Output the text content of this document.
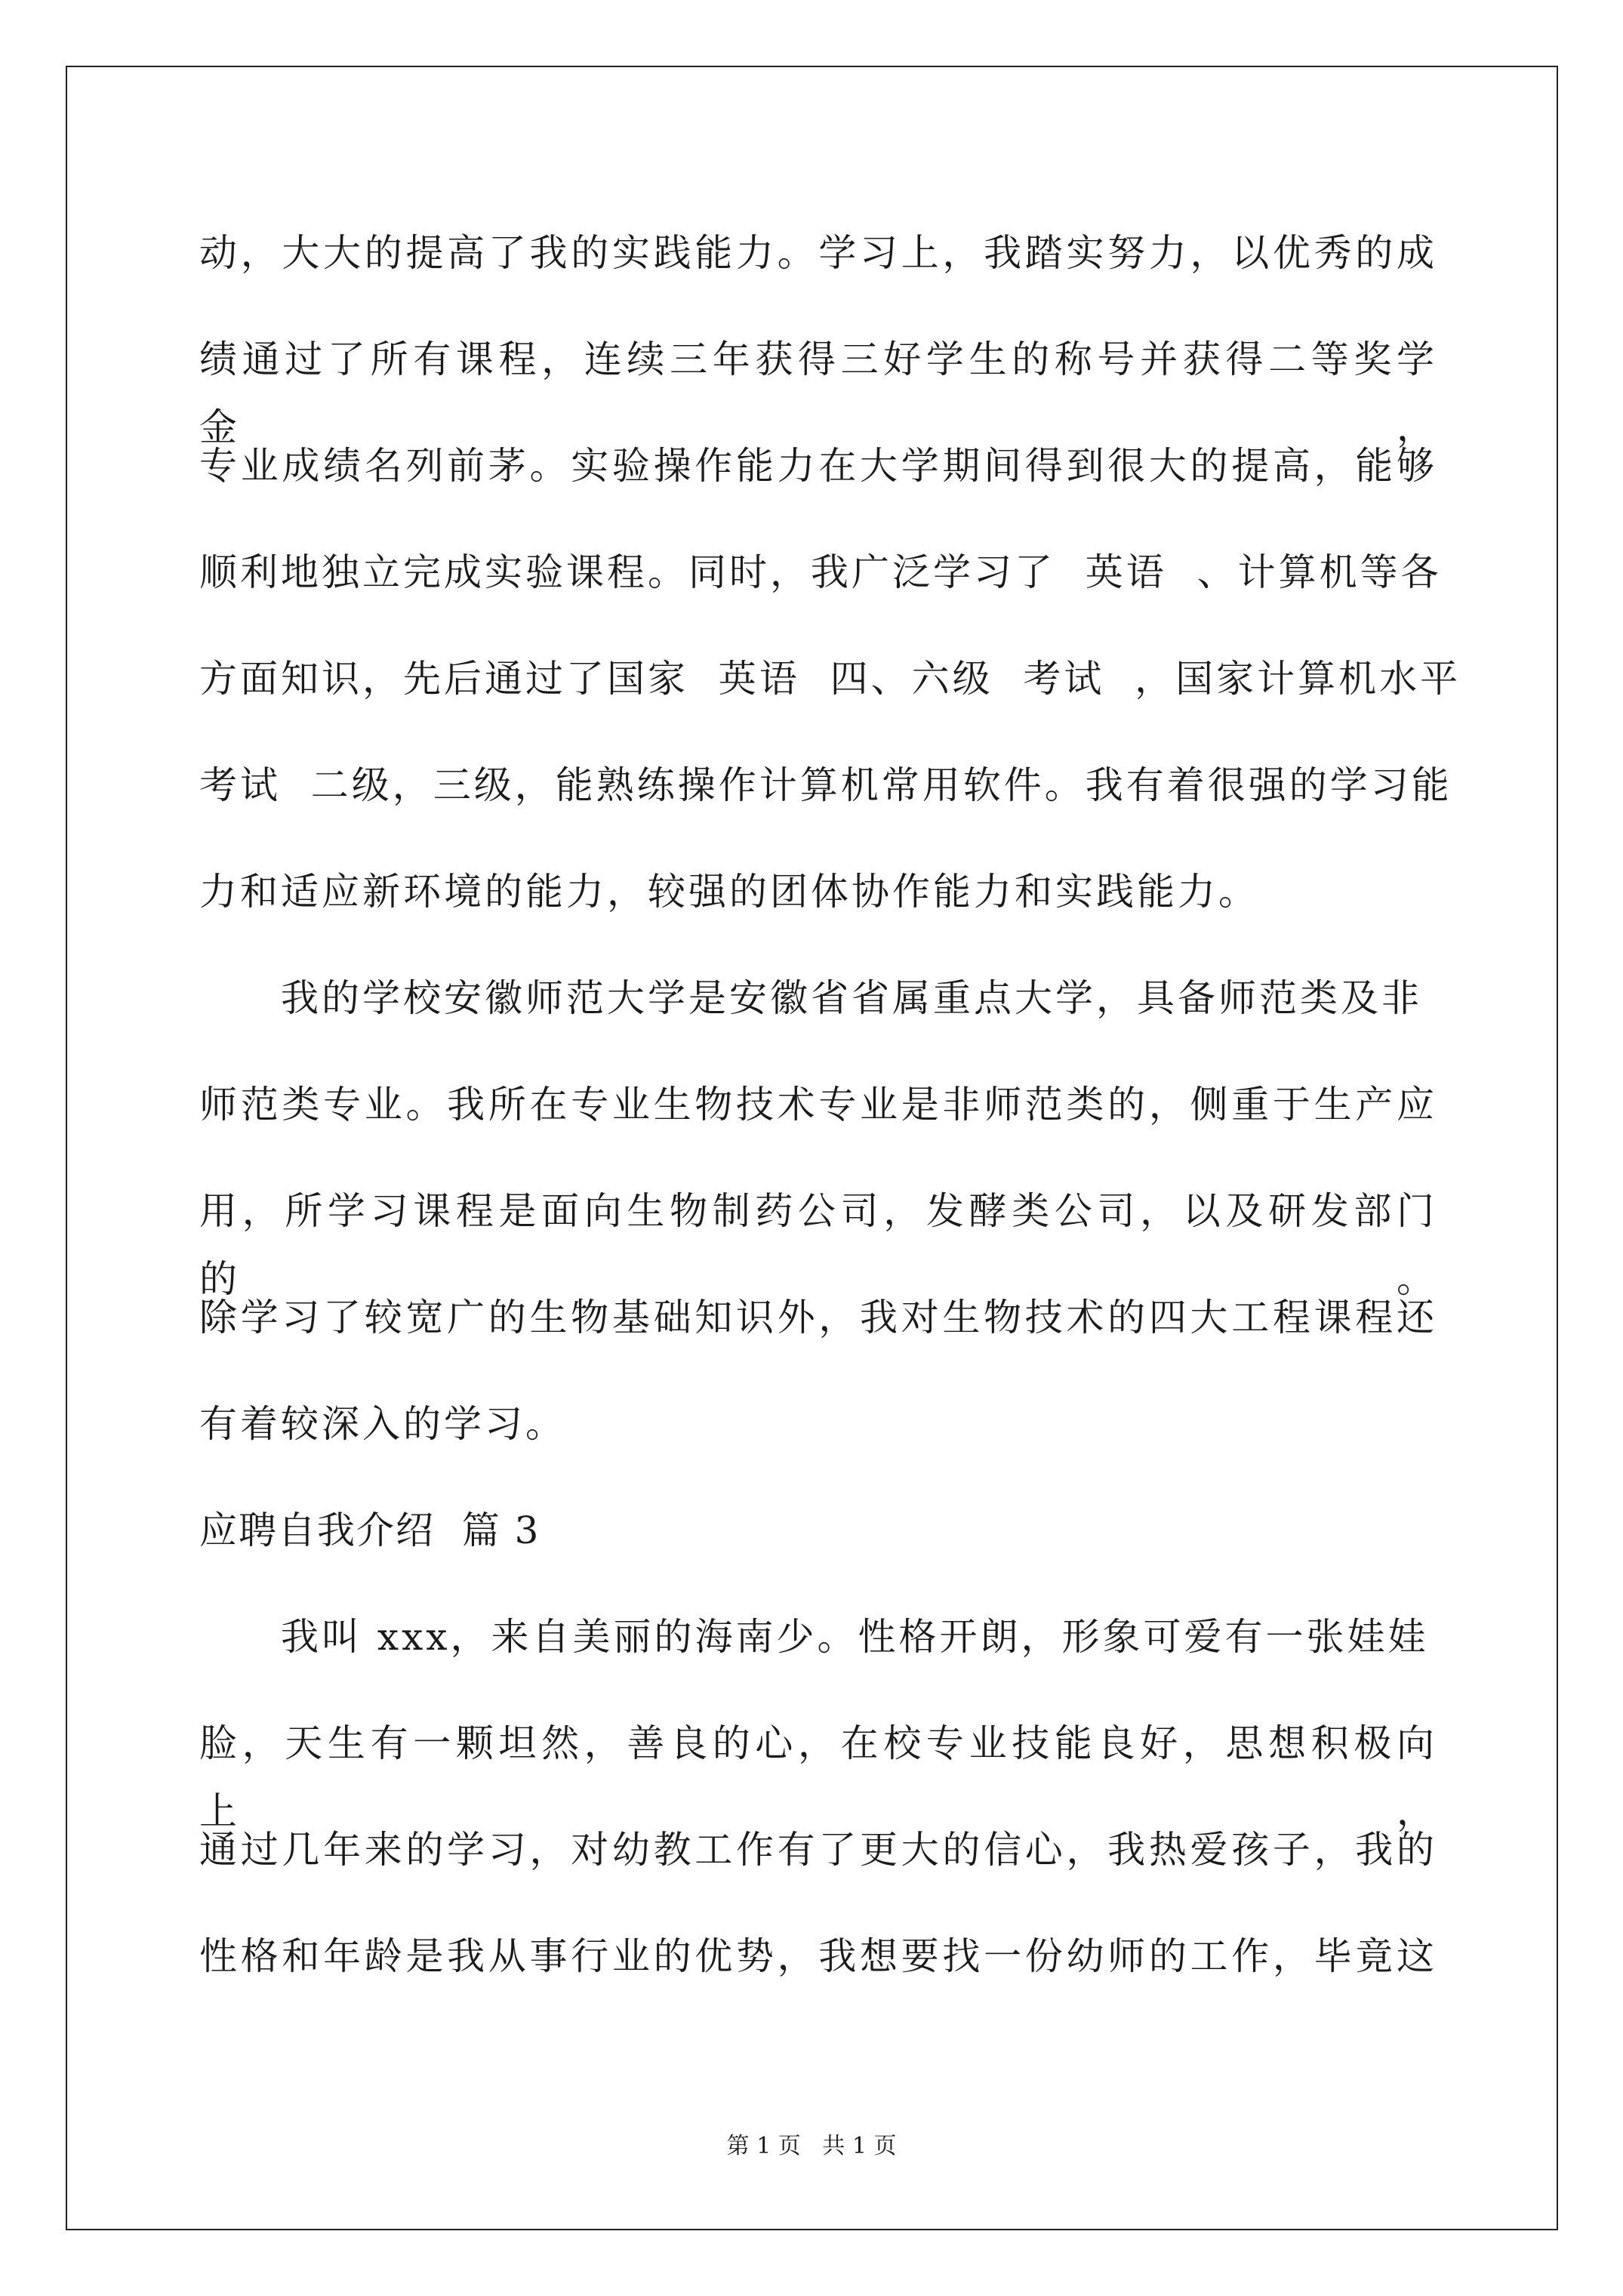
动，大大的提高了我的实践能力。学习上，我踏实努力，以优秀的成
绩通过了所有课程，连续三年获得三好学生的称号并获得二等奖学金，
专业成绩名列前茅。实验操作能力在大学期间得到很大的提高，能够
顺利地独立完成实验课程。同时，我广泛学习了  英语  、计算机等各
方面知识，先后通过了国家  英语  四、六级  考试  ，国家计算机水平
考试  二级，三级，能熟练操作计算机常用软件。我有着很强的学习能
力和适应新环境的能力，较强的团体协作能力和实践能力。
我的学校安徽师范大学是安徽省省属重点大学，具备师范类及非
师范类专业。我所在专业生物技术专业是非师范类的，侧重于生产应
用，所学习课程是面向生物制药公司，发酵类公司，以及研发部门的。
除学习了较宽广的生物基础知识外，我对生物技术的四大工程课程还
有着较深入的学习。
应聘自我介绍  篇 3
我叫 xxx，来自美丽的海南少。性格开朗，形象可爱有一张娃娃
脸，天生有一颗坦然，善良的心，在校专业技能良好，思想积极向上，
通过几年来的学习，对幼教工作有了更大的信心，我热爱孩子，我的
性格和年龄是我从事行业的优势，我想要找一份幼师的工作，毕竟这
第 1 页   共 1 页
